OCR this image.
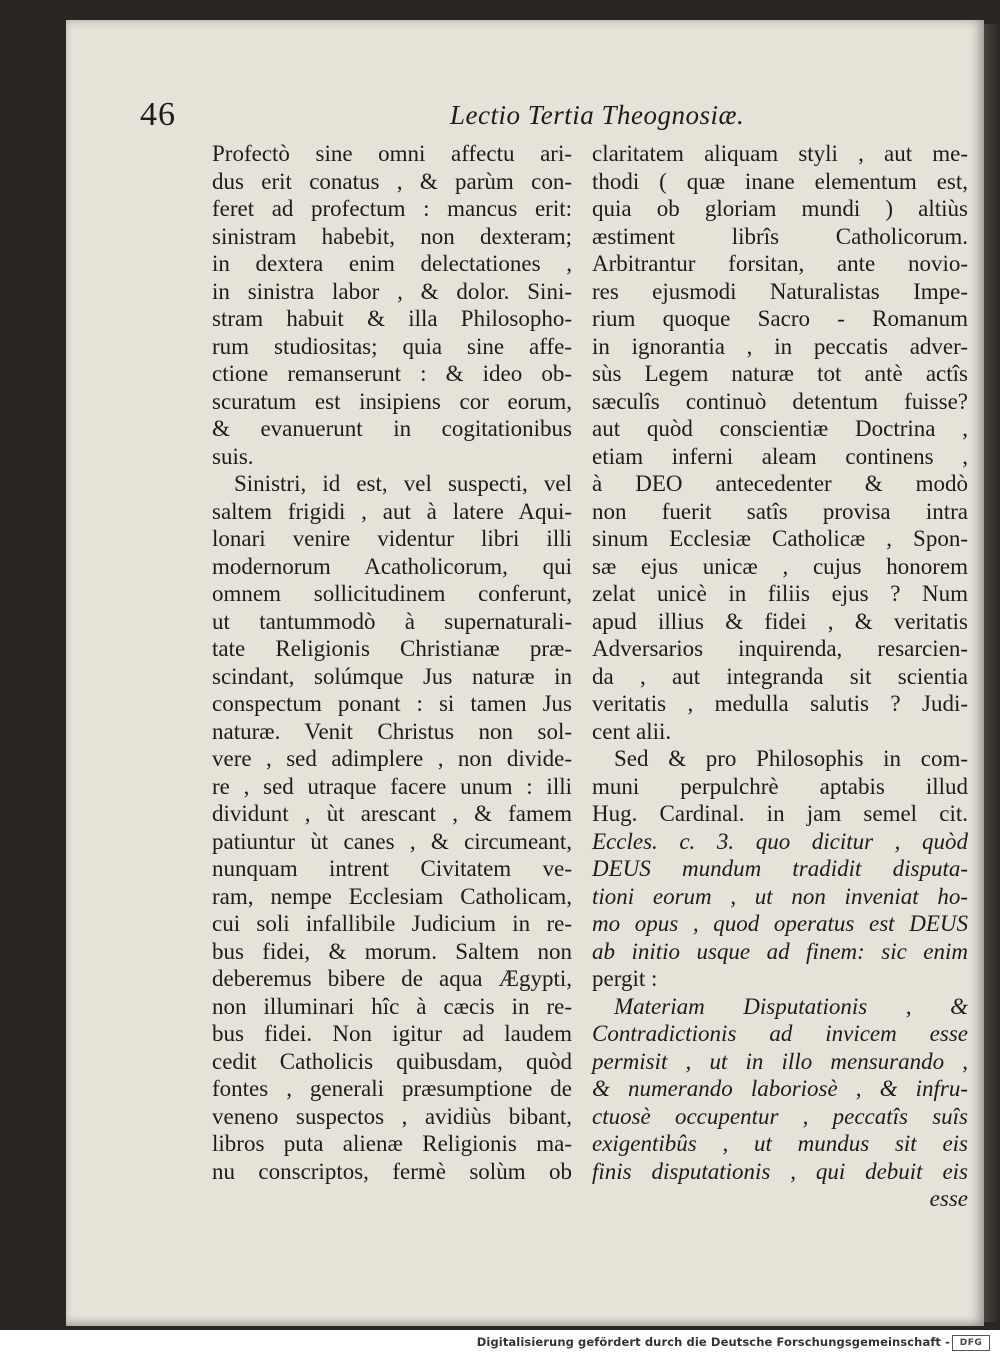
46	Lectio Tertia Theognosiæ.
Profectò sine omni affectu ari-
dus erit conatus , & parùm con-
feret ad profectum : mancus erit:
sinistram habebit, non dexteram;
in dextera enim delectationes ,
in sinistra labor , & dolor. Sini-
stram habuit & illa Philosopho-
rum studiositas; quia sine affe-
ctione remanserunt : & ideo ob-
scuratum est insipiens cor eorum,
& evanuerunt in cogitationibus
suis.
Sinistri, id est, vel suspecti, vel
saltem frigidi , aut à latere Aqui-
lonari venire videntur libri illi
modernorum Acatholicorum, qui
omnem sollicitudinem conferunt,
ut tantummodò à supernaturali-
tate Religionis Christianæ præ-
scindant, solúmque Jus naturæ in
conspectum ponant : si tamen Jus
naturæ. Venit Christus non sol-
vere , sed adimplere , non divide-
re , sed utraque facere unum : illi
dividunt , ùt arescant , & famem
patiuntur ùt canes , & circumeant,
nunquam intrent Civitatem ve-
ram, nempe Ecclesiam Catholicam,
cui soli infallibile Judicium in re-
bus fidei, & morum. Saltem non
deberemus bibere de aqua Ægypti,
non illuminari hîc à cæcis in re-
bus fidei. Non igitur ad laudem
cedit Catholicis quibusdam, quòd
fontes , generali præsumptione de
veneno suspectos , avidiùs bibant,
libros puta alienæ Religionis ma-
nu conscriptos, fermè solùm ob
claritatem aliquam styli , aut me-
thodi ( quæ inane elementum est,
quia ob gloriam mundi ) altiùs
æstiment librîs Catholicorum.
Arbitrantur forsitan, ante novio-
res ejusmodi Naturalistas Impe-
rium quoque Sacro - Romanum
in ignorantia , in peccatis adver-
sùs Legem naturæ tot antè actîs
sæculîs continuò detentum fuisse?
aut quòd conscientiæ Doctrina ,
etiam inferni aleam continens ,
à DEO antecedenter & modò
non fuerit satîs provisa intra
sinum Ecclesiæ Catholicæ , Spon-
sæ ejus unicæ , cujus honorem
zelat unicè in filiis ejus ? Num
apud illius & fidei , & veritatis
Adversarios inquirenda, resarcien-
da , aut integranda sit scientia
veritatis , medulla salutis ? Judi-
cent alii.
Sed & pro Philosophis in com-
muni perpulchrè aptabis illud
Hug. Cardinal. in jam semel cit.
Eccles. c. 3. quo dicitur , quòd
DEUS mundum tradidit disputa-
tioni eorum , ut non inveniat ho-
mo opus , quod operatus est DEUS
ab initio usque ad finem: sic enim
pergit :
Materiam Disputationis , &
Contradictionis ad invicem esse
permisit , ut in illo mensurando ,
& numerando laboriosè , & infru-
ctuosè occupentur , peccatîs suîs
exigentibûs , ut mundus sit eis
finis disputationis , qui debuit eis
esse
Digitalisierung gefördert durch die Deutsche Forschungsgemeinschaft -	DFG
